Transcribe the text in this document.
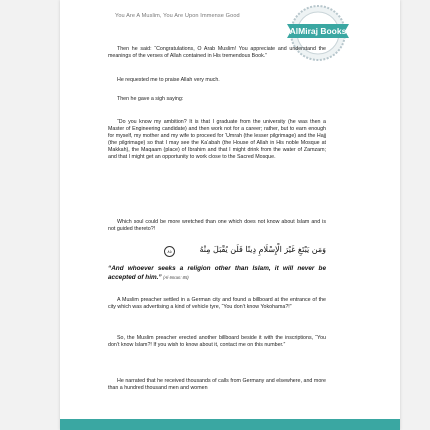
You Are A Muslim, You Are Upon Immense Good
AlMiraj Books
Then he said: “Congratulations, O Arab Muslim! You appreciate and understand the meanings of the verses of Allah contained in His tremendous Book.”
He requested me to praise Allah very much.
Then he gave a sigh saying:
“Do you know my ambition? It is that I graduate from the university (he was then a Master of Engineering candidate) and then work not for a career; rather, but to earn enough for myself, my mother and my wife to proceed for ‘Umrah (the lesser pilgrimage) and the Hajj (the pilgrimage) so that I may see the Ka‘abah (the House of Allah in His noble Mosque at Makkah), the Maqaam (place) of Ibrahim and that I might drink from the water of Zamzam; and that I might get an opportunity to work close to the Sacred Mosque.
Which soul could be more wretched than one which does not know about Islam and is not guided thereto?!
وَمَن يَبْتَغِ غَيْرَ الْإِسْلَامِ دِينًا فَلَن يُقْبَلَ مِنْهُ
٨٥
“And whoever seeks a religion other than Islam, it will never be accepted of him.” (Al-Imran: 85)
A Muslim preacher settled in a German city and found a billboard at the entrance of the city which was advertising a kind of vehicle tyre, “You don’t know Yokohama?!”
So, the Muslim preacher erected another billboard beside it with the inscriptions, “You don’t know Islam?! If you wish to know about it, contact me on this number.”
He narrated that he received thousands of calls from Germany and elsewhere, and more than a hundred thousand men and women
